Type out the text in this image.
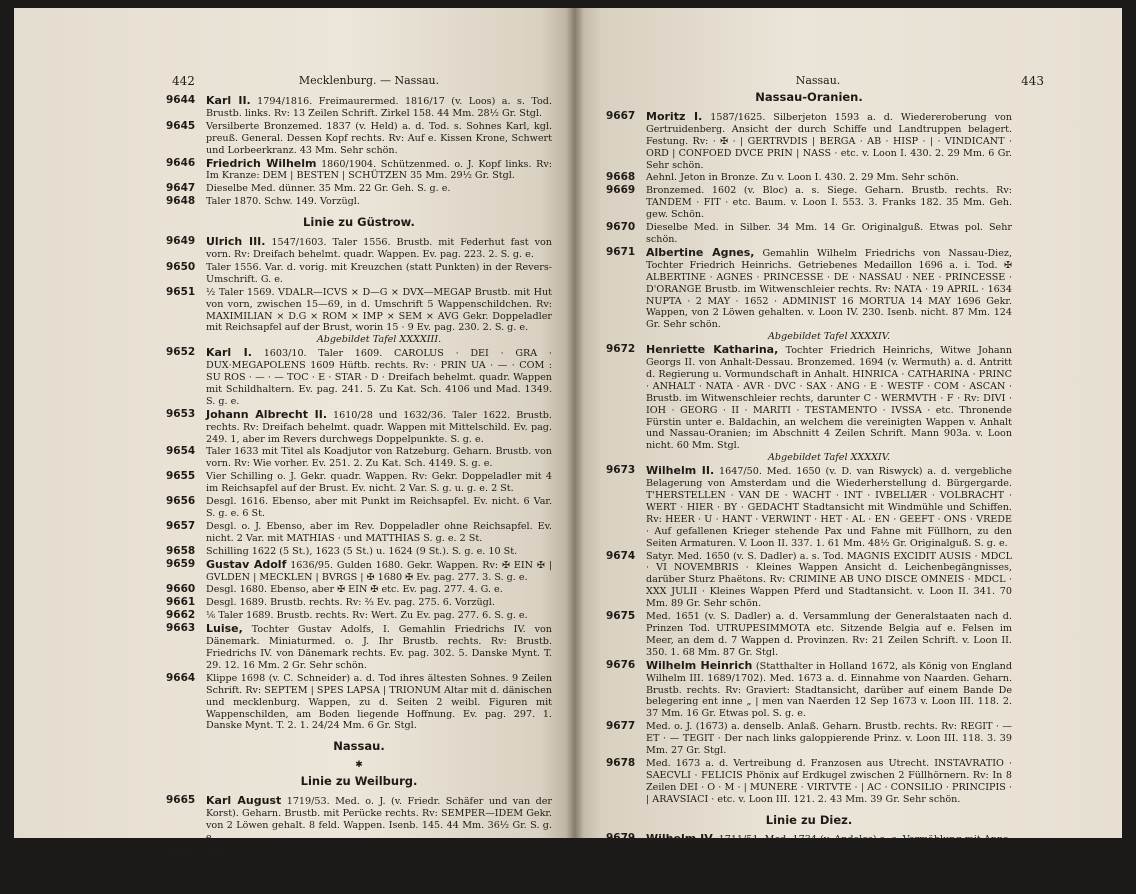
442	Mecklenburg. — Nassau.	Nassau.	443
9644 Karl II. 1794/1816. Freimaurermed. 1816/17 (v. Loos) a. s. Tod. Brustb. links. Rv: 13 Zeilen Schrift. Zirkel 158. 44 Mm. 28½ Gr. Stgl.
9645 Versilberte Bronzemed. 1837 (v. Held) a. d. Tod. s. Sohnes Karl, kgl. preuß. General. Dessen Kopf rechts. Rv: Auf e. Kissen Krone, Schwert und Lorbeerkranz. 43 Mm. Sehr schön.
9646 Friedrich Wilhelm 1860/1904. Schützenmed. o. J. Kopf links. Rv: Im Kranze: DEM | BESTEN | SCHÜTZEN 35 Mm. 29½ Gr. Stgl.
9647 Dieselbe Med. dünner. 35 Mm. 22 Gr. Geh. S. g. e.
9648 Taler 1870. Schw. 149. Vorzügl.
Linie zu Güstrow.
9649 Ulrich III. 1547/1603. Taler 1556. Brustb. mit Federhut fast von vorn. Rv: Dreifach behelmt. quadr. Wappen. Ev. pag. 223. 2. S. g. e.
9650 Taler 1556. Var. d. vorig. mit Kreuzchen (statt Punkten) in der Revers-Umschrift. G. e.
9651 ½ Taler 1569. VDALR—ICVS × D—G × DVX—MEGAP Brustb. mit Hut von vorn, zwischen 15—69, in d. Umschrift 5 Wappenschildchen. Rv: MAXIMILIAN × D.G × ROM × IMP × SEM × AVG Gekr. Doppeladler mit Reichsapfel auf der Brust, worin 15 · 9 Ev. pag. 230. 2. S. g. e.
Abgebildet Tafel XXXXIII.
9652 Karl I. 1603/10. Taler 1609. CAROLUS · DEI · GRA · DUX·MEGAPOLENS 1609 Hüftb. rechts. Rv: · PRIN UA · — · COM : SU ROS · — · — TOC · E · STAR · D · Dreifach behelmt. quadr. Wappen mit Schildhaltern. Ev. pag. 241. 5. Zu Kat. Sch. 4106 und Mad. 1349. S. g. e.
9653 Johann Albrecht II. 1610/28 und 1632/36. Taler 1622. Brustb. rechts. Rv: Dreifach behelmt. quadr. Wappen mit Mittelschild. Ev. pag. 249. 1, aber im Revers durchwegs Doppelpunkte. S. g. e.
9654 Taler 1633 mit Titel als Koadjutor von Ratzeburg. Geharn. Brustb. von vorn. Rv: Wie vorher. Ev. 251. 2. Zu Kat. Sch. 4149. S. g. e.
9655 Vier Schilling o. J. Gekr. quadr. Wappen. Rv: Gekr. Doppeladler mit 4 im Reichsapfel auf der Brust. Ev. nicht. 2 Var. S. g. u. g. e. 2 St.
9656 Desgl. 1616. Ebenso, aber mit Punkt im Reichsapfel. Ev. nicht. 6 Var. S. g. e. 6 St.
9657 Desgl. o. J. Ebenso, aber im Rev. Doppeladler ohne Reichsapfel. Ev. nicht. 2 Var. mit MATHIAS · und MATTHIAS S. g. e. 2 St.
9658 Schilling 1622 (5 St.), 1623 (5 St.) u. 1624 (9 St.). S. g. e. 10 St.
9659 Gustav Adolf 1636/95. Gulden 1680. Gekr. Wappen. Rv: ✠ EIN ✠ | GVLDEN | MECKLEN | BVRGS | ✠ 1680 ✠ Ev. pag. 277. 3. S. g. e.
9660 Desgl. 1680. Ebenso, aber ✠ EIN ✠ etc. Ev. pag. 277. 4. G. e.
9661 Desgl. 1689. Brustb. rechts. Rv: ⅔ Ev. pag. 275. 6. Vorzügl.
9662 ⅙ Taler 1689. Brustb. rechts. Rv: Wert. Zu Ev. pag. 277. 6. S. g. e.
9663 Luise, Tochter Gustav Adolfs, I. Gemahlin Friedrichs IV. von Dänemark. Miniaturmed. o. J. Ihr Brustb. rechts. Rv: Brustb. Friedrichs IV. von Dänemark rechts. Ev. pag. 302. 5. Danske Mynt. T. 29. 12. 16 Mm. 2 Gr. Sehr schön.
9664 Klippe 1698 (v. C. Schneider) a. d. Tod ihres ältesten Sohnes. 9 Zeilen Schrift. Rv: SEPTEM | SPES LAPSA | TRIONUM Altar mit d. dänischen und mecklenburg. Wappen, zu d. Seiten 2 weibl. Figuren mit Wappenschilden, am Boden liegende Hoffnung. Ev. pag. 297. 1. Danske Mynt. T. 2. 1. 24/24 Mm. 6 Gr. Stgl.
Nassau.
✱
Linie zu Weilburg.
9665 Karl August 1719/53. Med. o. J. (v. Friedr. Schäfer und van der Korst). Geharn. Brustb. mit Perücke rechts. Rv: SEMPER—IDEM Gekr. von 2 Löwen gehalt. 8 feld. Wappen. Isenb. 145. 44 Mm. 36½ Gr. S. g. e.
9666 Karl 1753/88. Med. 1760 (v. N. van Swinderen) a. s. Vermählung mit Karoline von Nassau-Oranien. 2 Wappen an einem Orangenbaum. Rv: Genien, Blumen streuend. Isenb. 147. v. Loon Verv. 359 Anm. 30 Mm. 9½ Gr. S. g. e.
Nassau-Oranien.
9667 Moritz I. 1587/1625. Silberjeton 1593 a. d. Wiedereroberung von Gertruidenberg. Ansicht der durch Schiffe und Landtruppen belagert. Festung. Rv: · ✠ · | GERTRVDIS | BERGA · AB · HISP · | · VINDICANT · ORD | CONFOED DVCE PRIN | NASS · etc. v. Loon I. 430. 2. 29 Mm. 6 Gr. Sehr schön.
9668 Aehnl. Jeton in Bronze. Zu v. Loon I. 430. 2. 29 Mm. Sehr schön.
9669 Bronzemed. 1602 (v. Bloc) a. s. Siege. Geharn. Brustb. rechts. Rv: TANDEM · FIT · etc. Baum. v. Loon I. 553. 3. Franks 182. 35 Mm. Geh. gew. Schön.
9670 Dieselbe Med. in Silber. 34 Mm. 14 Gr. Originalguß. Etwas pol. Sehr schön.
9671 Albertine Agnes, Gemahlin Wilhelm Friedrichs von Nassau-Diez, Tochter Friedrich Heinrichs. Getriebenes Medaillon 1696 a. i. Tod. ✠ ALBERTINE · AGNES · PRINCESSE · DE · NASSAU · NEE · PRINCESSE · D'ORANGE Brustb. im Witwenschleier rechts. Rv: NATA · 19 APRIL · 1634 NUPTA · 2 MAY · 1652 · ADMINIST 16 MORTUA 14 MAY 1696 Gekr. Wappen, von 2 Löwen gehalten. v. Loon IV. 230. Isenb. nicht. 87 Mm. 124 Gr. Sehr schön.
Abgebildet Tafel XXXXIV.
9672 Henriette Katharina, Tochter Friedrich Heinrichs, Witwe Johann Georgs II. von Anhalt-Dessau. Bronzemed. 1694 (v. Wermuth) a. d. Antritt d. Regierung u. Vormundschaft in Anhalt. HINRICA · CATHARINA · PRINC · ANHALT · NATA · AVR · DVC · SAX · ANG · E · WESTF · COM · ASCAN · Brustb. im Witwenschleier rechts, darunter C · WERMVTH · F · Rv: DIVI · IOH · GEORG · II · MARITI · TESTAMENTO · IVSSA · etc. Thronende Fürstin unter e. Baldachin, an welchem die vereinigten Wappen v. Anhalt und Nassau-Oranien; im Abschnitt 4 Zeilen Schrift. Mann 903a. v. Loon nicht. 60 Mm. Stgl.
Abgebildet Tafel XXXXIV.
9673 Wilhelm II. 1647/50. Med. 1650 (v. D. van Riswyck) a. d. vergebliche Belagerung von Amsterdam und die Wiederherstellung d. Bürgergarde. T'HERSTELLEN · VAN DE · WACHT · INT · IVBELIÆR · VOLBRACHT · WERT · HIER · BY · GEDACHT Stadtansicht mit Windmühle und Schiffen. Rv: HEER · U · HANT · VERWINT · HET · AL · EN · GEEFT · ONS · VREDE · Auf gefallenen Krieger stehende Pax und Fahne mit Füllhorn, zu den Seiten Armaturen. V. Loon II. 337. 1. 61 Mm. 48½ Gr. Originalguß. S. g. e.
9674 Satyr. Med. 1650 (v. S. Dadler) a. s. Tod. MAGNIS EXCIDIT AUSIS · MDCL · VI NOVEMBRIS · Kleines Wappen Ansicht d. Leichenbegängnisses, darüber Sturz Phaëtons. Rv: CRIMINE AB UNO DISCE OMNEIS · MDCL · XXX JULII · Kleines Wappen Pferd und Stadtansicht. v. Loon II. 341. 70 Mm. 89 Gr. Sehr schön.
9675 Med. 1651 (v. S. Dadler) a. d. Versammlung der Generalstaaten nach d. Prinzen Tod. UTRUPESIMMOTA etc. Sitzende Belgia auf e. Felsen im Meer, an dem d. 7 Wappen d. Provinzen. Rv: 21 Zeilen Schrift. v. Loon II. 350. 1. 68 Mm. 87 Gr. Stgl.
9676 Wilhelm Heinrich (Statthalter in Holland 1672, als König von England Wilhelm III. 1689/1702). Med. 1673 a. d. Einnahme von Naarden. Geharn. Brustb. rechts. Rv: Graviert: Stadtansicht, darüber auf einem Bande De belegering ent inne „ | men van Naerden 12 Sep 1673 v. Loon III. 118. 2. 37 Mm. 16 Gr. Etwas pol. S. g. e.
9677 Med. o. J. (1673) a. denselb. Anlaß. Geharn. Brustb. rechts. Rv: REGIT · — ET · — TEGIT · Der nach links galoppierende Prinz. v. Loon III. 118. 3. 39 Mm. 27 Gr. Stgl.
9678 Med. 1673 a. d. Vertreibung d. Franzosen aus Utrecht. INSTAVRATIO · SAECVLI · FELICIS Phönix auf Erdkugel zwischen 2 Füllhörnern. Rv: In 8 Zeilen DEI · O · M · | MUNERE · VIRTVTE · | AC · CONSILIO · PRINCIPIS · | ARAVSIACI · etc. v. Loon III. 121. 2. 43 Mm. 39 Gr. Sehr schön.
Linie zu Diez.
9679 Wilhelm IV. 1711/51. Med. 1734 (v. Andeles) a. s. Vermählung mit Anna, Tochter Georgs II. von Braunschweig und England. Beider Brustb. rechts. Rv: Hand aus
